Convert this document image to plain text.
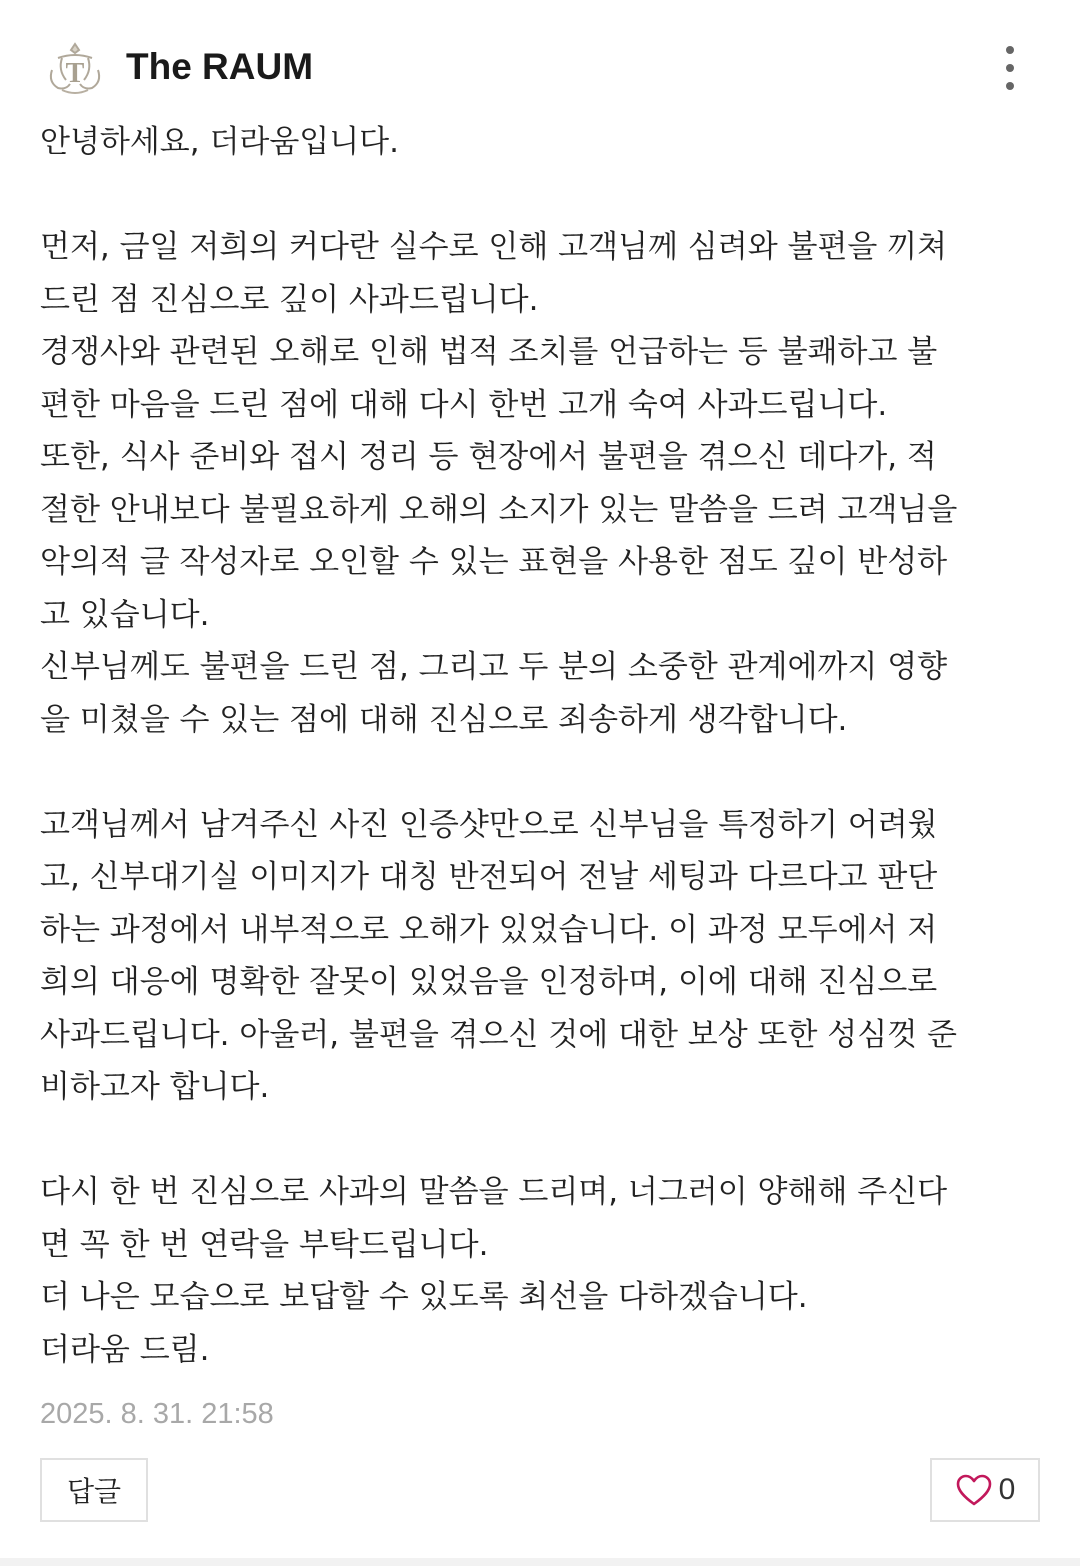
T The RAUM

안녕하세요, 더라움입니다.

먼저, 금일 저희의 커다란 실수로 인해 고객님께 심려와 불편을 끼쳐

드린 점 진심으로 깊이 사과드립니다.

경쟁사와 관련된 오해로 인해 법적 조치를 언급하는 등 불쾌하고 불

편한 마음을 드린 점에 대해 다시 한번 고개 숙여 사과드립니다.

또한, 식사 준비와 접시 정리 등 현장에서 불편을 겪으신 데다가, 적

절한 안내보다 불필요하게 오해의 소지가 있는 말씀을 드려 고객님을

악의적 글 작성자로 오인할 수 있는 표현을 사용한 점도 깊이 반성하

고 있습니다.

신부님께도 불편을 드린 점, 그리고 두 분의 소중한 관계에까지 영향

을 미쳤을 수 있는 점에 대해 진심으로 죄송하게 생각합니다.

고객님께서 남겨주신 사진 인증샷만으로 신부님을 특정하기 어려웠

고, 신부대기실 이미지가 대칭 반전되어 전날 세팅과 다르다고 판단

하는 과정에서 내부적으로 오해가 있었습니다. 이 과정 모두에서 저

희의 대응에 명확한 잘못이 있었음을 인정하며, 이에 대해 진심으로

사과드립니다. 아울러, 불편을 겪으신 것에 대한 보상 또한 성심껏 준

비하고자 합니다.

다시 한 번 진심으로 사과의 말씀을 드리며, 너그러이 양해해 주신다

면 꼭 한 번 연락을 부탁드립니다.

더 나은 모습으로 보답할 수 있도록 최선을 다하겠습니다.

더라움 드림.

2025. 8. 31. 21:58
답글	0
